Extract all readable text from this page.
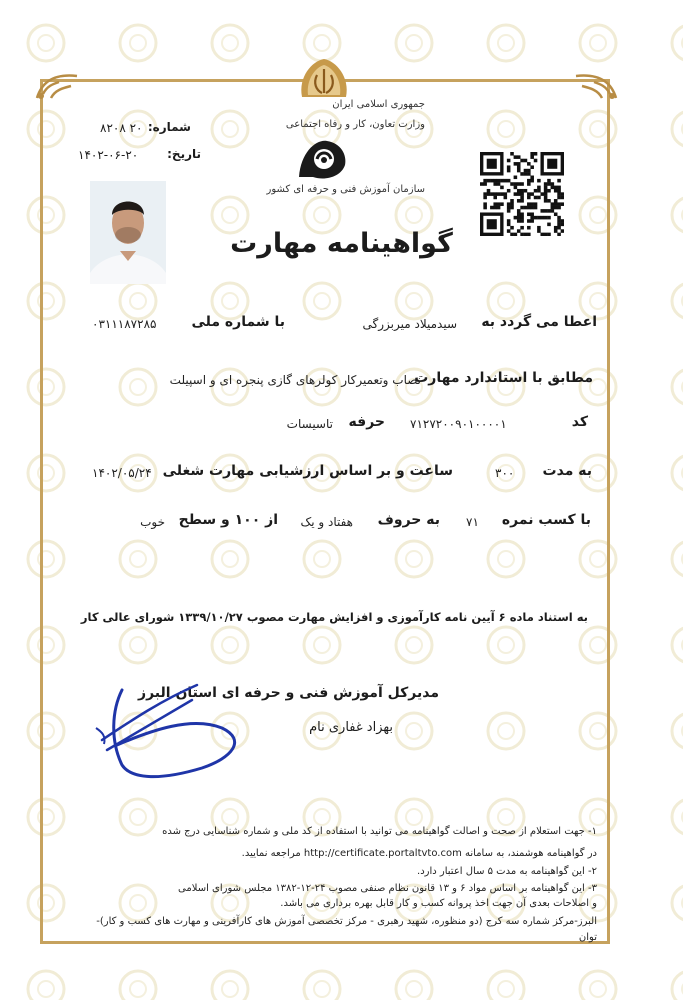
جمهوری اسلامی ایران
وزارت تعاون، کار و رفاه اجتماعی
سازمان آموزش فنی و حرفه ای کشور
شماره:
۸۲۰۸ ۲۰
تاریخ:
۱۴۰۲-۰۶-۲۰
گواهینامه مهارت
اعطا می گردد به
سیدمیلاد میربزرگی
با شماره ملی
۰۳۱۱۱۸۷۲۸۵
مطابق با استاندارد مهارت
نصاب وتعمیرکار کولرهای گازی پنجره ای و اسپیلت
کد
۷۱۲۷۲۰۰۹۰۱۰۰۰۰۱
حرفه
تاسیسات
به مدت
۳۰۰
ساعت و بر اساس ارزشیابی مهارت شغلی
۱۴۰۲/۰۵/۲۴
با کسب نمره
۷۱
به حروف
هفتاد و یک
از ۱۰۰ و سطح
خوب
به استناد ماده ۶ آیین نامه کارآموزی و افزایش مهارت مصوب ۱۳۳۹/۱۰/۲۷ شورای عالی کار
مدیرکل آموزش فنی و حرفه ای استان البرز
بهزاد غفاری نام
۱- جهت استعلام از صحت و اصالت گواهینامه می توانید با استفاده از کد ملی و شماره شناسایی درج شده
در گواهینامه هوشمند، به سامانه http://certificate.portaltvto.com مراجعه نمایید.
۲- این گواهینامه به مدت ۵ سال اعتبار دارد.
۳- این گواهینامه بر اساس مواد ۶ و ۱۳ قانون نظام صنفی مصوب ۲۴-۱۲-۱۳۸۲ مجلس شورای اسلامی
و اصلاحات بعدی آن جهت اخذ پروانه کسب و کار قابل بهره برداری می باشد.
البرز-مرکز شماره سه کرج (دو منظوره، شهید رهبری - مرکز تخصصی آموزش های کارآفرینی و مهارت های کسب و کار)-
توان
